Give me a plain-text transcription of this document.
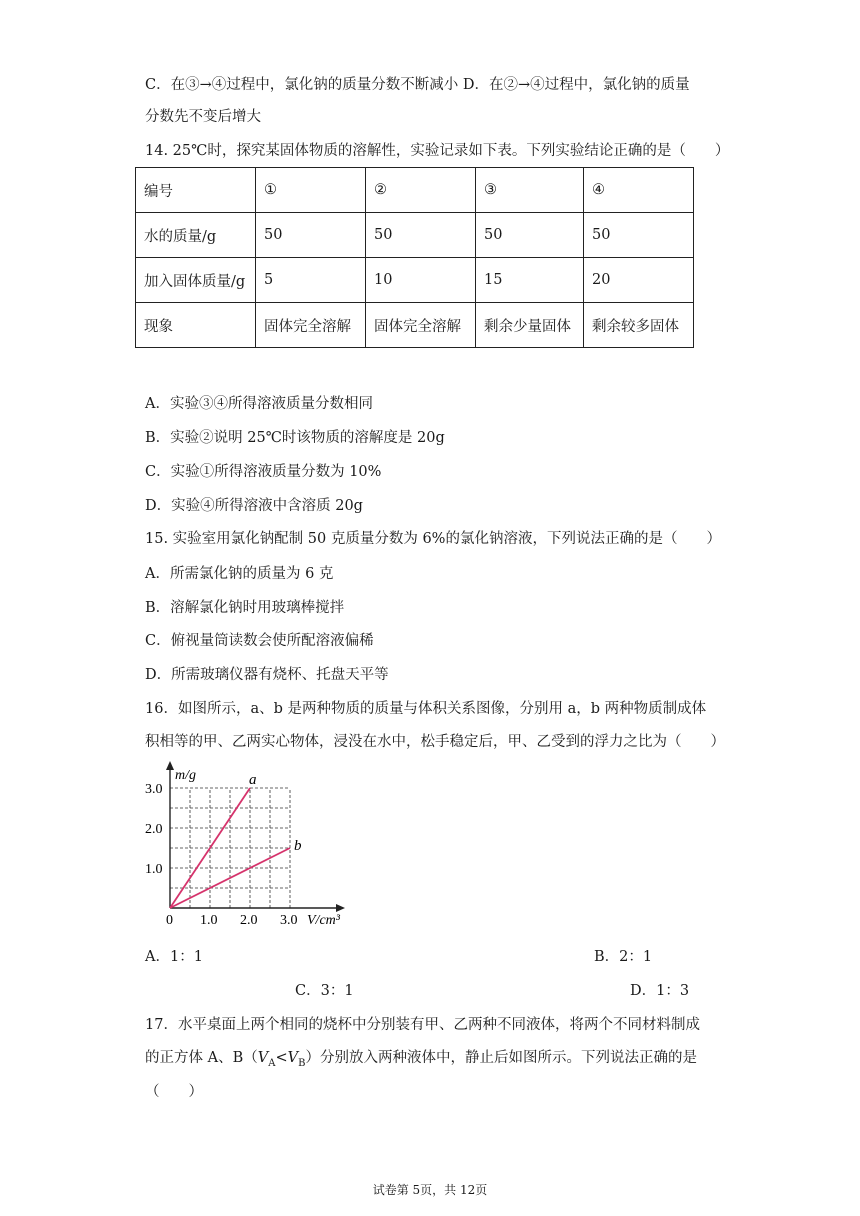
C．在③→④过程中，氯化钠的质量分数不断减小 D．在②→④过程中，氯化钠的质量
分数先不变后增大
14. 25℃时，探究某固体物质的溶解性，实验记录如下表。下列实验结论正确的是（　　）
编号	①	②	③	④
水的质量/g	50	50	50	50
加入固体质量/g	5	10	15	20
现象	固体完全溶解	固体完全溶解	剩余少量固体	剩余较多固体
A．实验③④所得溶液质量分数相同
B．实验②说明 25℃时该物质的溶解度是 20g
C．实验①所得溶液质量分数为 10%
D．实验④所得溶液中含溶质 20g
15. 实验室用氯化钠配制 50 克质量分数为 6%的氯化钠溶液，下列说法正确的是（　　）
A．所需氯化钠的质量为 6 克
B．溶解氯化钠时用玻璃棒搅拌
C．俯视量筒读数会使所配溶液偏稀
D．所需玻璃仪器有烧杯、托盘天平等
16．如图所示，a、b 是两种物质的质量与体积关系图像，分别用 a，b 两种物质制成体
积相等的甲、乙两实心物体，浸没在水中，松手稳定后，甲、乙受到的浮力之比为（　　）
m/g
V/cm³
0 1.0 2.0 3.0
1.0
2.0
3.0
a
b
A．1：1	B．2：1
C．3：1	D．1：3
17．水平桌面上两个相同的烧杯中分别装有甲、乙两种不同液体，将两个不同材料制成
的正方体 A、$B(V_A<V_B)$分别放入两种液体中，静止后如图所示。下列说法正确的是
（　　）
试卷第 5页，共 12页
